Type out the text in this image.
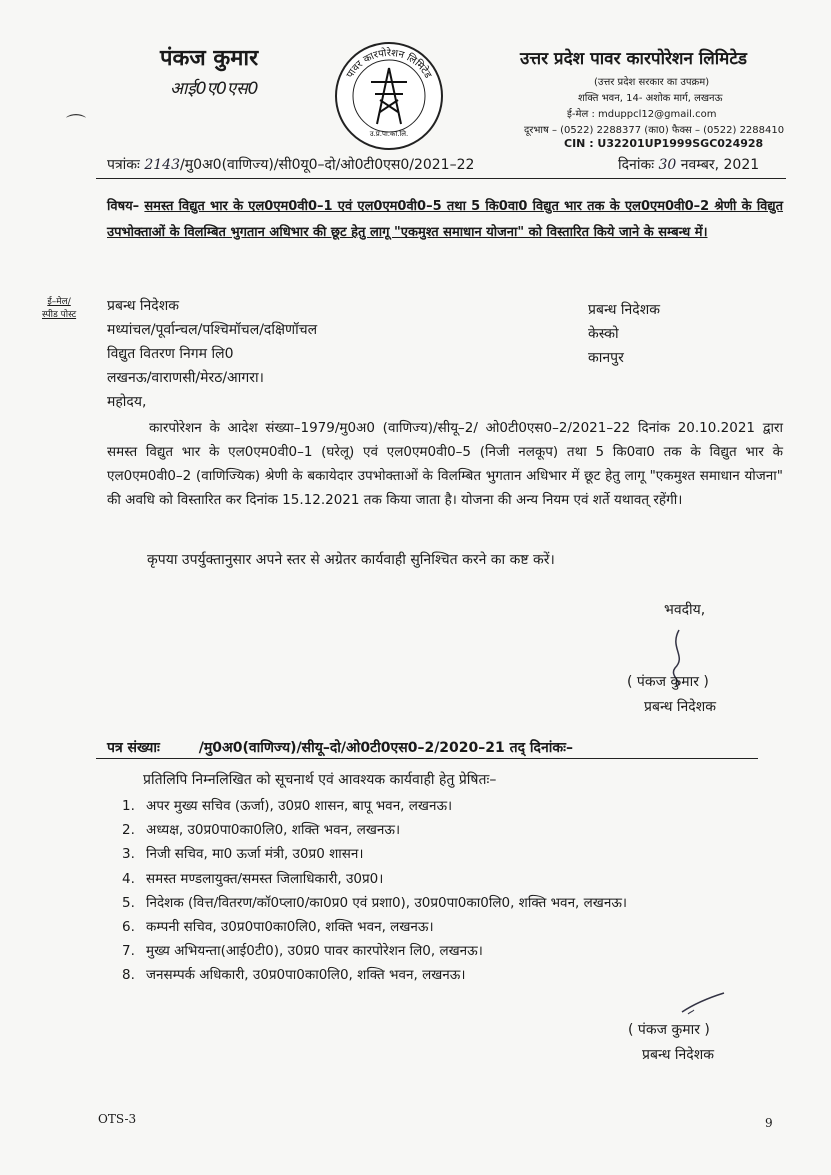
पंकज कुमार
आई0ए0एस0
⌒
पावर कारपोरेशन लिमिटेड
उ.प्र.पा.का.लि.
उत्तर प्रदेश पावर कारपोरेशन लिमिटेड
(उत्तर प्रदेश सरकार का उपक्रम)
शक्ति भवन, 14- अशोक मार्ग, लखनऊ
ई-मेल : mduppcl12@gmail.com
दूरभाष – (0522) 2288377 (का0) फैक्स – (0522) 2288410
CIN : U32201UP1999SGC024928
पत्रांकः 2143/मु0अ0(वाणिज्य)/सी0यू0–दो/ओ0टी0एस0/2021–22	दिनांकः 30 नवम्बर, 2021
विषय– समस्त विद्युत भार के एल0एम0वी0–1 एवं एल0एम0वी0–5 तथा 5 कि0वा0 विद्युत भार तक के एल0एम0वी0–2 श्रेणी के विद्युत उपभोक्ताओं के विलम्बित भुगतान अधिभार की छूट हेतु लागू "एकमुश्त समाधान योजना" को विस्तारित किये जाने के सम्बन्ध में।
ई–मेल/
स्पीड पोस्ट
प्रबन्ध निदेशक
मध्यांचल/पूर्वान्चल/पश्चिमॉचल/दक्षिणॉचल
विद्युत वितरण निगम लि0
लखनऊ/वाराणसी/मेरठ/आगरा।
प्रबन्ध निदेशक
केस्को
कानपुर
महोदय,
कारपोरेशन के आदेश संख्या–1979/मु0अ0 (वाणिज्य)/सीयू–2/ ओ0टी0एस0–2/2021–22 दिनांक 20.10.2021 द्वारा समस्त विद्युत भार के एल0एम0वी0–1 (घरेलू) एवं एल0एम0वी0–5 (निजी नलकूप) तथा 5 कि0वा0 तक के विद्युत भार के एल0एम0वी0–2 (वाणिज्यिक) श्रेणी के बकायेदार उपभोक्ताओं के विलम्बित भुगतान अधिभार में छूट हेतु लागू "एकमुश्त समाधान योजना" की अवधि को विस्तारित कर दिनांक 15.12.2021 तक किया जाता है। योजना की अन्य नियम एवं शर्ते यथावत् रहेंगी।
कृपया उपर्युक्तानुसार अपने स्तर से अग्रेतर कार्यवाही सुनिश्चित करने का कष्ट करें।
भवदीय,
( पंकज कुमार )
प्रबन्ध निदेशक
पत्र संख्याः        /मु0अ0(वाणिज्य)/सीयू–दो/ओ0टी0एस0–2/2020–21 तद् दिनांकः–
प्रतिलिपि निम्नलिखित को सूचनार्थ एवं आवश्यक कार्यवाही हेतु प्रेषितः–
1. अपर मुख्य सचिव (ऊर्जा), उ0प्र0 शासन, बापू भवन, लखनऊ।
2. अध्यक्ष, उ0प्र0पा0का0लि0, शक्ति भवन, लखनऊ।
3. निजी सचिव, मा0 ऊर्जा मंत्री, उ0प्र0 शासन।
4. समस्त मण्डलायुक्त/समस्त जिलाधिकारी, उ0प्र0।
5. निदेशक (वित्त/वितरण/कॉ0प्ला0/का0प्र0 एवं प्रशा0), उ0प्र0पा0का0लि0, शक्ति भवन, लखनऊ।
6. कम्पनी सचिव, उ0प्र0पा0का0लि0, शक्ति भवन, लखनऊ।
7. मुख्य अभियन्ता(आई0टी0), उ0प्र0 पावर कारपोरेशन लि0, लखनऊ।
8. जनसम्पर्क अधिकारी, उ0प्र0पा0का0लि0, शक्ति भवन, लखनऊ।
( पंकज कुमार )
प्रबन्ध निदेशक
OTS-3	9
